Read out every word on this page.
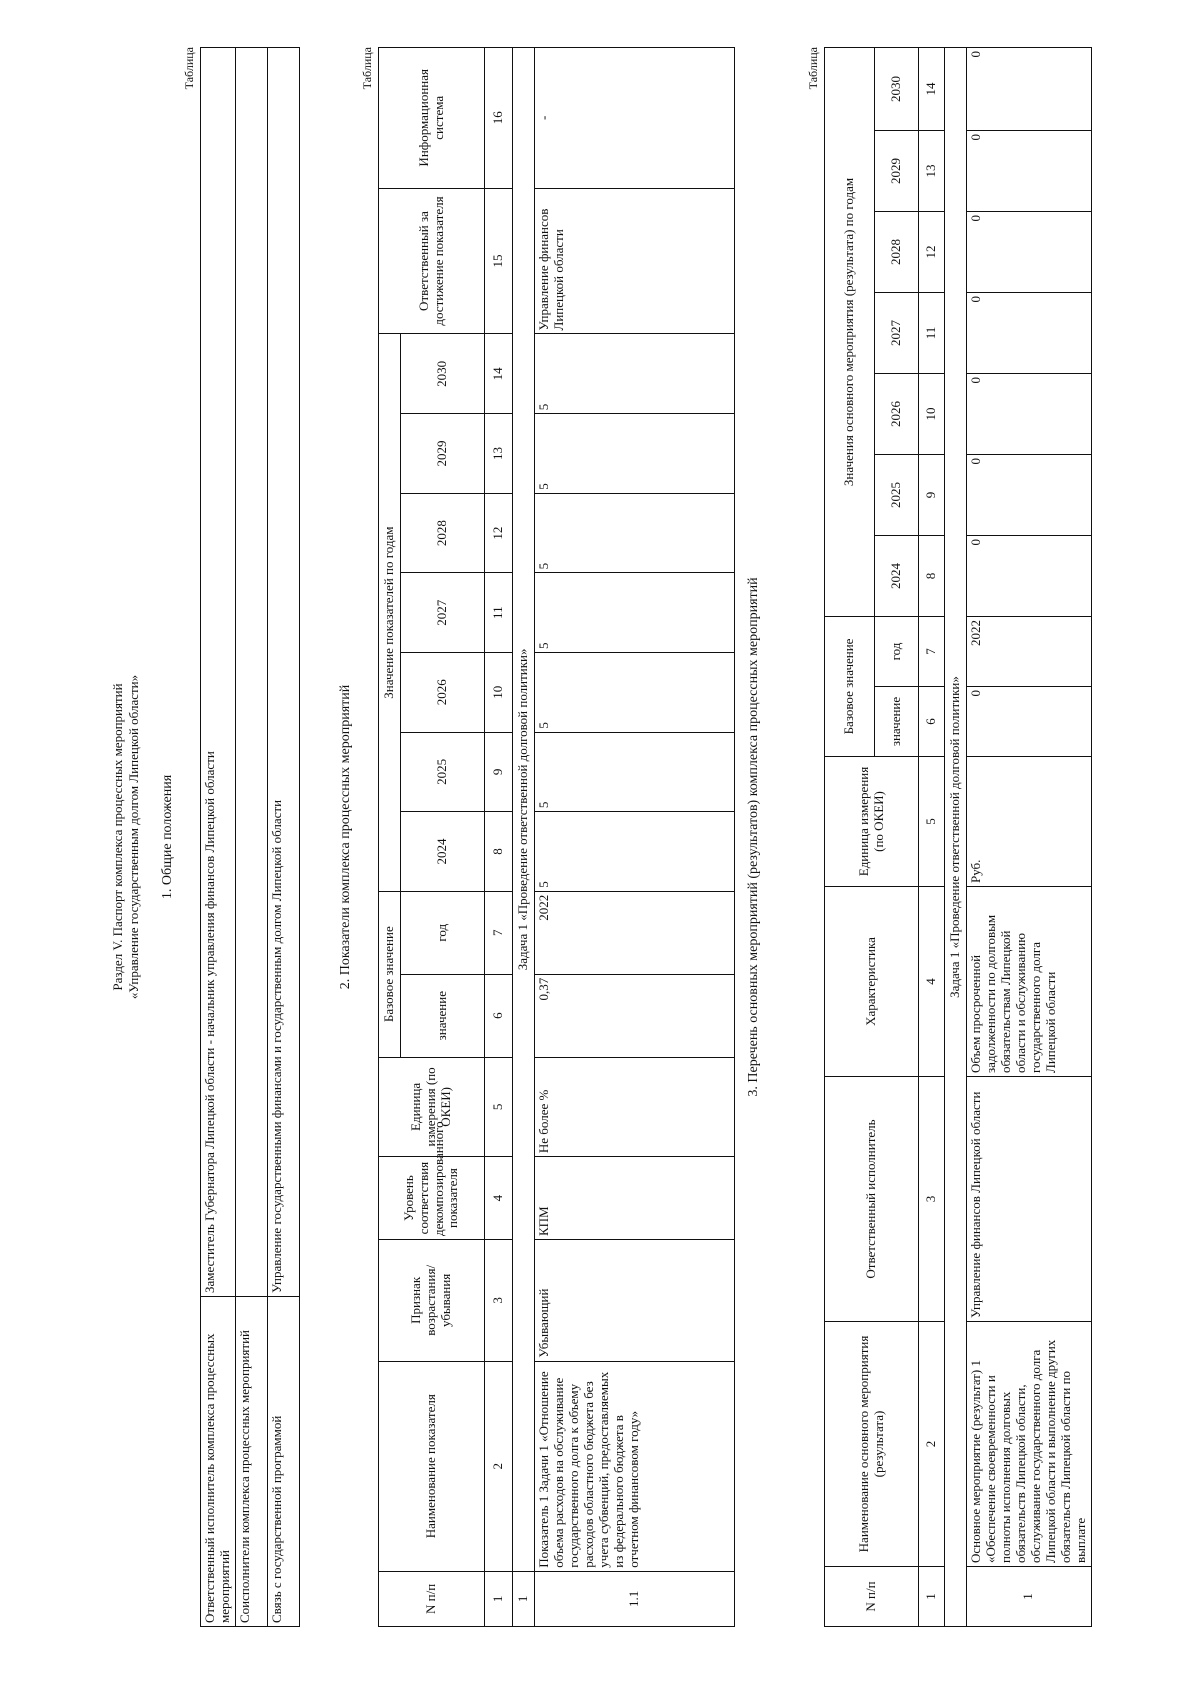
Раздел V. Паспорт комплекса процессных мероприятий «Управление государственным долгом Липецкой области» 1. Общие положения
Таблица
Ответственный исполнитель комплекса процессных мероприятий	Заместитель Губернатора Липецкой области - начальник управления финансов Липецкой области
Соисполнители комплекса процессных мероприятий	
Связь с государственной программой	Управление государственными финансами и государственным долгом Липецкой области	2. Показатели комплекса процессных мероприятий
Таблица
N п/п	Наименование показателя	Признак возрастания/ убывания	Уровень соответствия декомпозированного показателя	Единица измерения (по ОКЕИ)	Базовое значение		Значение показателей по годам							Ответственный за достижение показателя	Информационная система
					значение	год	2024	2025	2026	2027	2028	2029	2030		
1	2	3	4	5	6	7	8	9	10	11	12	13	14	15	16
1	Задача 1 «Проведение ответственной долговой политики»														
1.1	Показатель 1 Задачи 1 «Отношение объема расходов на обслуживание государственного долга к объему расходов областного бюджета без учета субвенций, предоставляемых из федерального бюджета в отчетном финансовом году»	Убывающий	КПМ	Не более %	0,37	2022	5	5	5	5	5	5	5	Управление финансов Липецкой области	-
3. Перечень основных мероприятий (результатов) комплекса процессных мероприятий
Таблица
N п/п	Наименование основного мероприятия (результата)	Ответственный исполнитель	Характеристика	Единица измерения (по ОКЕИ)	Базовое значение		Значения основного мероприятия (результата) по годам						
					значение	год	2024	2025	2026	2027	2028	2029	2030
1	2	3	4	5	6	7	8	9	10	11	12	13	14
Задача 1 «Проведение ответственной долговой политики»													
1	Основное мероприятие (результат) 1 «Обеспечение своевременности и полноты исполнения долговых обязательств Липецкой области, обслуживание государственного долга Липецкой области и выполнение других обязательств Липецкой области по выплате	Управление финансов Липецкой области	Объем просроченной задолженности по долговым обязательствам Липецкой области и обслуживанию государственного долга Липецкой области	Руб.	0	2022	0	0	0	0	0	0	0
